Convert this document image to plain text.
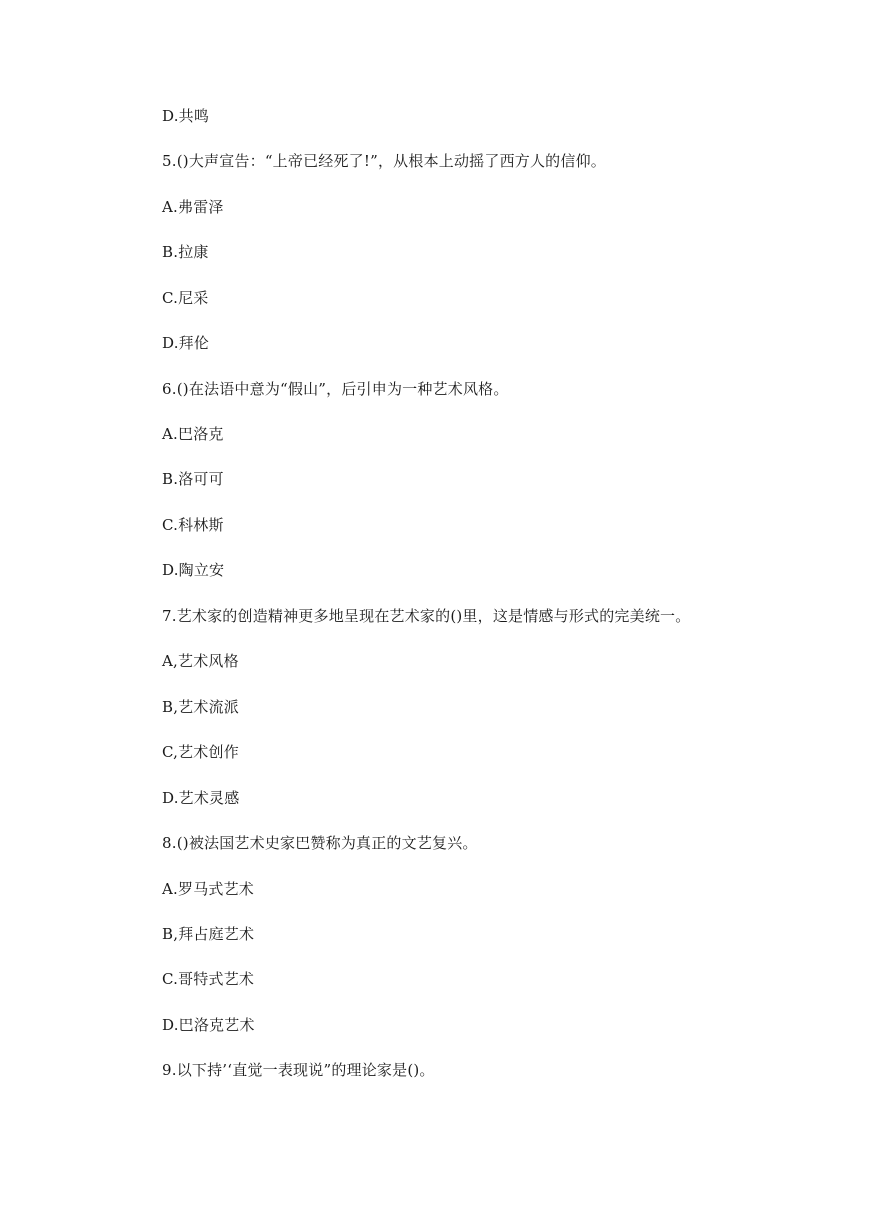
D.共鸣

5.()大声宣告：“上帝已经死了!”，从根本上动摇了西方人的信仰。

A.弗雷泽

B.拉康

C.尼采

D.拜伦

6.()在法语中意为“假山”，后引申为一种艺术风格。

A.巴洛克

B.洛可可

C.科林斯

D.陶立安

7.艺术家的创造精神更多地呈现在艺术家的()里，这是情感与形式的完美统一。

A,艺术风格

B,艺术流派

C,艺术创作

D.艺术灵感

8.()被法国艺术史家巴赞称为真正的文艺复兴。

A.罗马式艺术

B,拜占庭艺术

C.哥特式艺术

D.巴洛克艺术

9.以下持’‘直觉一表现说”的理论家是()。
